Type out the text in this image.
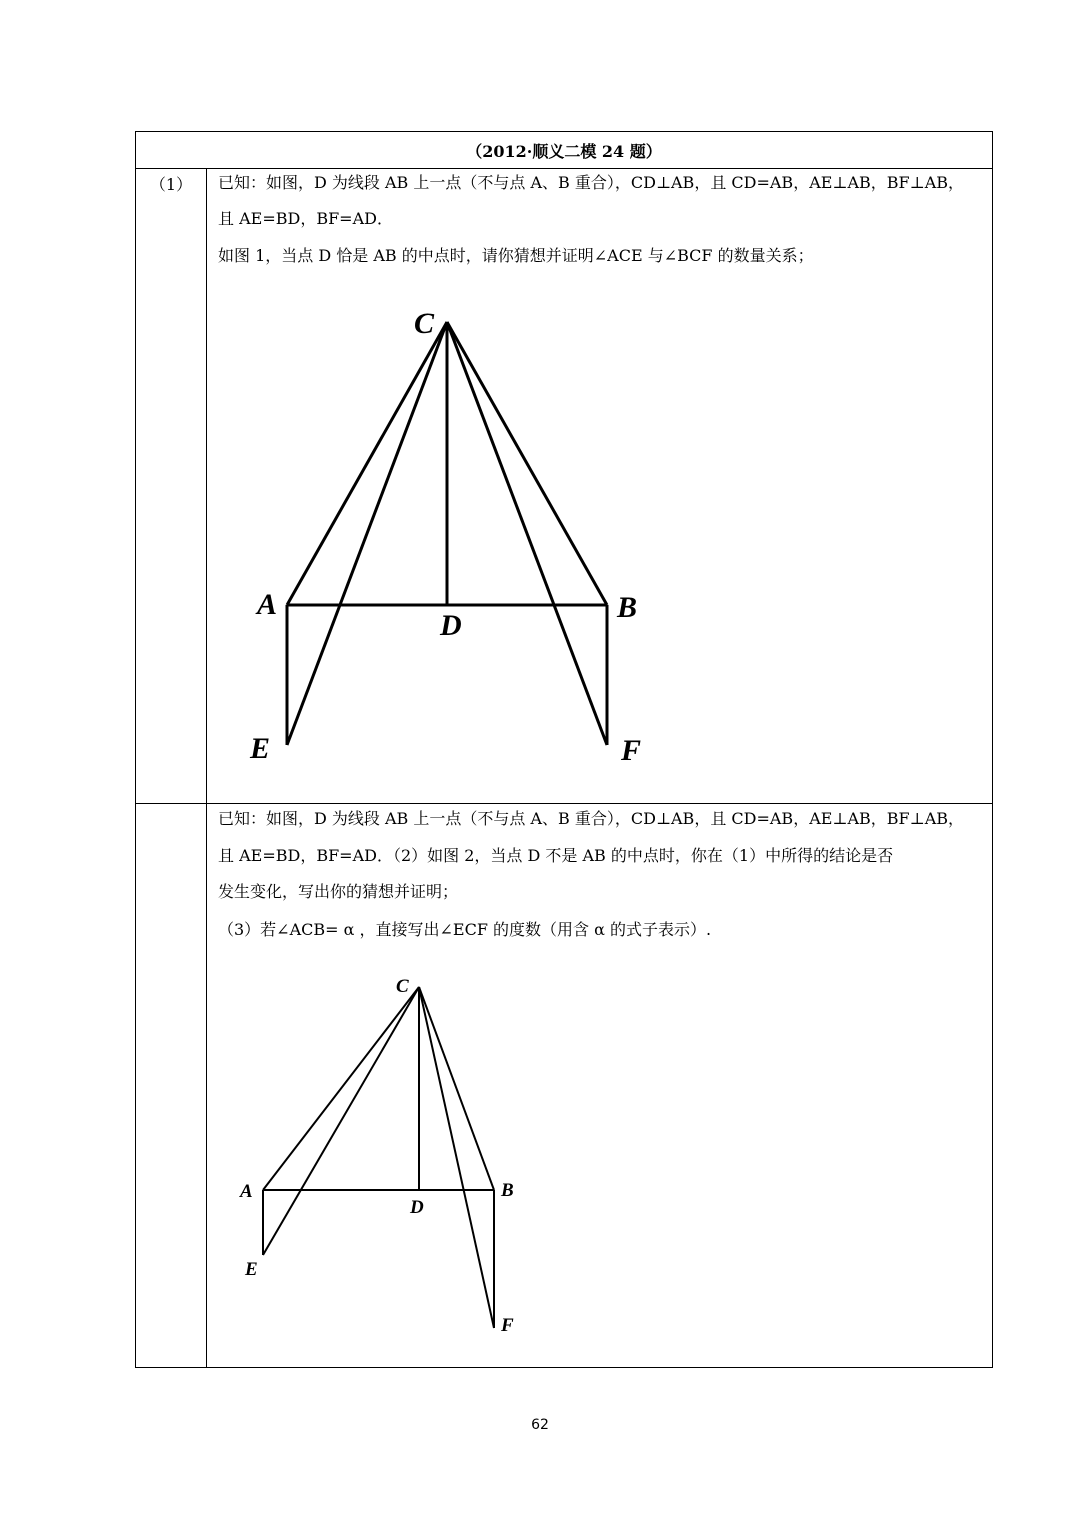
（2012·顺义二模 24 题）
（1）	已知：如图，D 为线段 AB 上一点（不与点 A、B 重合），CD⊥AB，且 CD=AB，AE⊥AB，BF⊥AB，
且 AE=BD，BF=AD．
如图 1，当点 D 恰是 AB 的中点时，请你猜想并证明∠ACE 与∠BCF 的数量关系；
C
A
D
B
E	F
已知：如图，D 为线段 AB 上一点（不与点 A、B 重合），CD⊥AB，且 CD=AB，AE⊥AB，BF⊥AB，
且 AE=BD，BF=AD．（2）如图 2，当点 D 不是 AB 的中点时，你在（1）中所得的结论是否
发生变化，写出你的猜想并证明；
（3）若∠ACB= α ，直接写出∠ECF 的度数（用含 α 的式子表示）.
C
A
D
B
E
F
62
